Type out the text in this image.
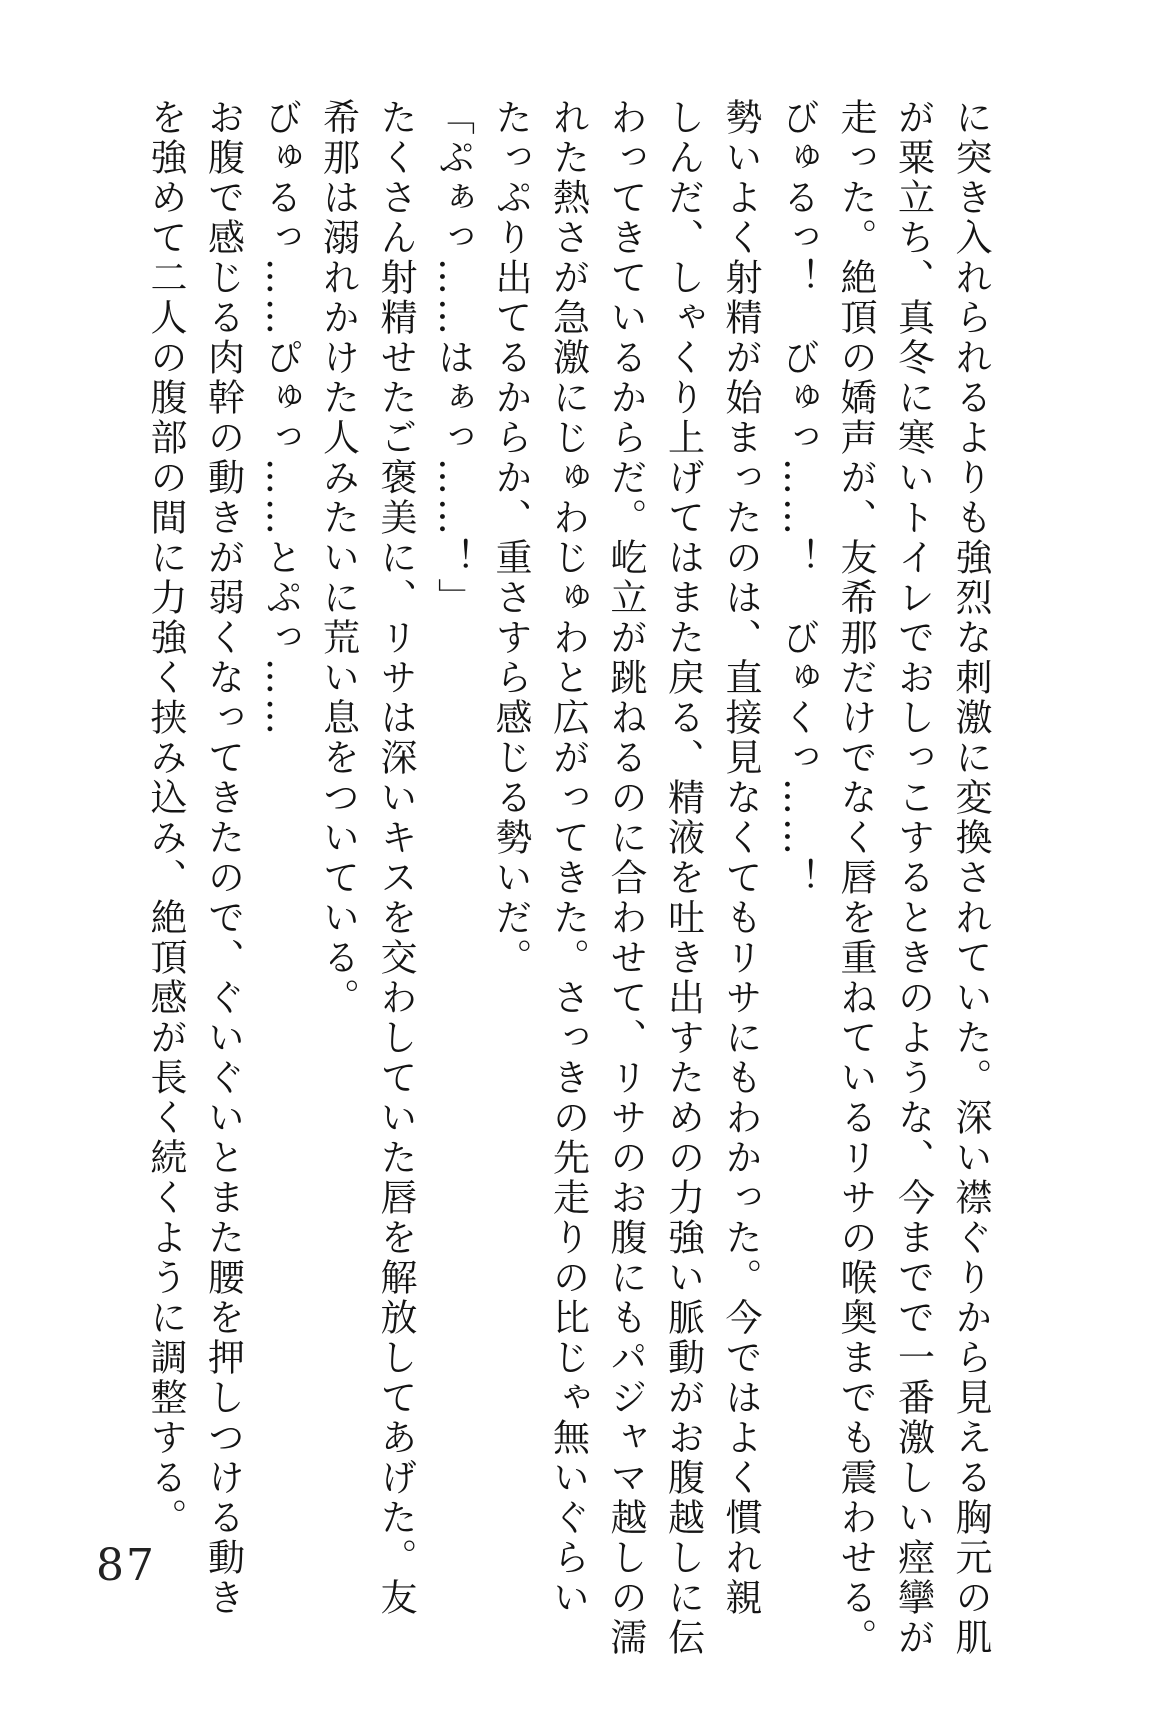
に突き入れられるよりも強烈な刺激に変換されていた。深い襟ぐりから見える胸元の肌

が粟立ち、真冬に寒いトイレでおしっこするときのような、今までで一番激しい痙攣が

走った。絶頂の嬌声が、友希那だけでなく唇を重ねているリサの喉奥までも震わせる。

びゅるっ！　びゅっ……！　びゅくっ……！

勢いよく射精が始まったのは、直接見なくてもリサにもわかった。今ではよく慣れ親

しんだ、しゃくり上げてはまた戻る、精液を吐き出すための力強い脈動がお腹越しに伝

わってきているからだ。屹立が跳ねるのに合わせて、リサのお腹にもパジャマ越しの濡

れた熱さが急激にじゅわじゅわと広がってきた。さっきの先走りの比じゃ無いぐらい

たっぷり出てるからか、重さすら感じる勢いだ。

「ぷぁっ……はぁっ……！」

たくさん射精せたご褒美に、リサは深いキスを交わしていた唇を解放してあげた。友

希那は溺れかけた人みたいに荒い息をついている。

びゅるっ……ぴゅっ……とぷっ……

お腹で感じる肉幹の動きが弱くなってきたので、ぐいぐいとまた腰を押しつける動き

を強めて二人の腹部の間に力強く挟み込み、絶頂感が長く続くように調整する。

87
